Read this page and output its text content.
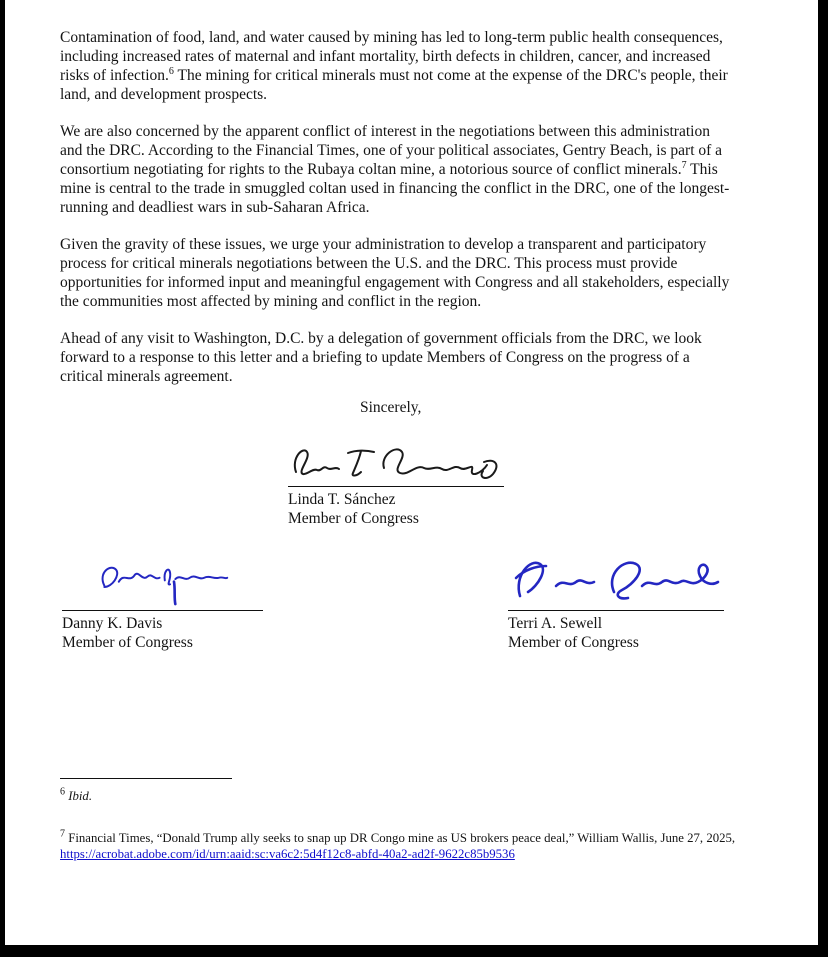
Contamination of food, land, and water caused by mining has led to long-term public health consequences, including increased rates of maternal and infant mortality, birth defects in children, cancer, and increased risks of infection.$^6$ The mining for critical minerals must not come at the expense of the DRC's people, their land, and development prospects.

We are also concerned by the apparent conflict of interest in the negotiations between this administration and the DRC. According to the Financial Times, one of your political associates, Gentry Beach, is part of a consortium negotiating for rights to the Rubaya coltan mine, a notorious source of conflict minerals.$^7$ This mine is central to the trade in smuggled coltan used in financing the conflict in the DRC, one of the longest-running and deadliest wars in sub-Saharan Africa.

Given the gravity of these issues, we urge your administration to develop a transparent and participatory process for critical minerals negotiations between the U.S. and the DRC. This process must provide opportunities for informed input and meaningful engagement with Congress and all stakeholders, especially the communities most affected by mining and conflict in the region.

Ahead of any visit to Washington, D.C. by a delegation of government officials from the DRC, we look forward to a response to this letter and a briefing to update Members of Congress on the progress of a critical minerals agreement.

Sincerely,
Linda T. Sánchez
Member of Congress
Danny K. Davis
Member of Congress
Terri A. Sewell
Member of Congress
$^6$ Ibid.
$^7$ Financial Times, “Donald Trump ally seeks to snap up DR Congo mine as US brokers peace deal,” William Wallis, June 27, 2025, https://acrobat.adobe.com/id/urn:aaid:sc:va6c2:5d4f12c8-abfd-40a2-ad2f-9622c85b9536
